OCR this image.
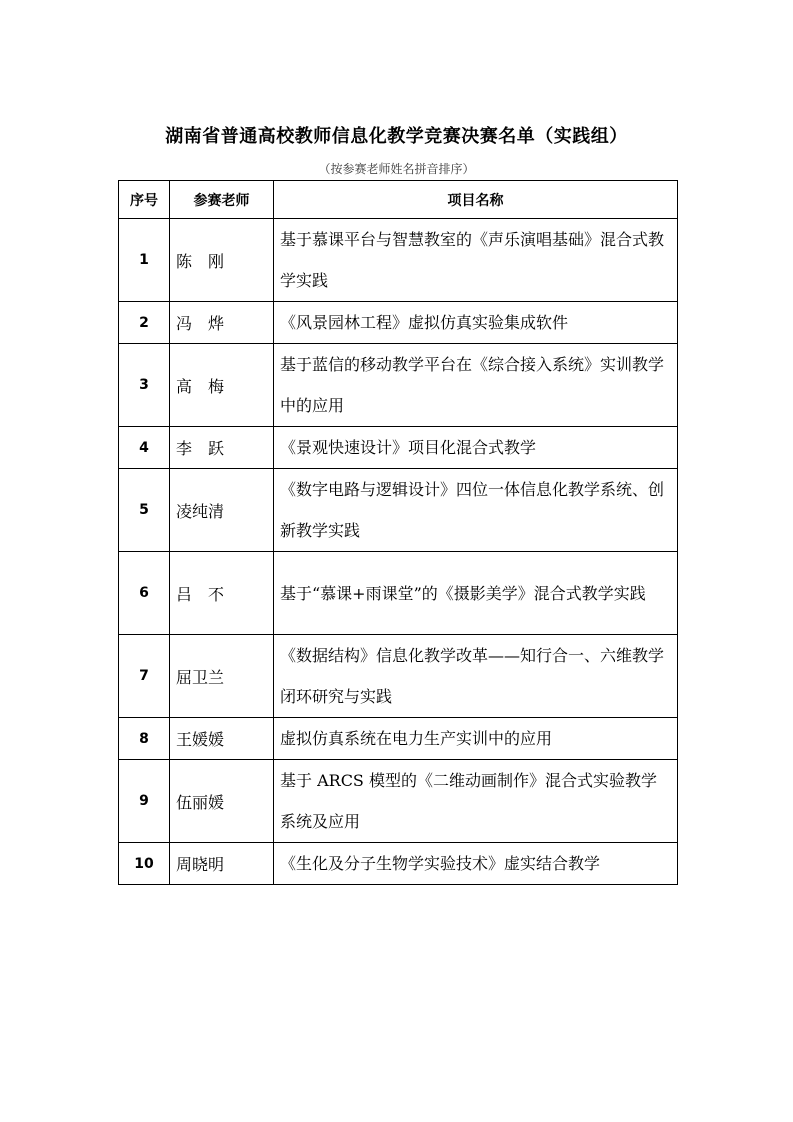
湖南省普通高校教师信息化教学竞赛决赛名单（实践组）
（按参赛老师姓名拼音排序）
序号	参赛老师	项目名称
1	陈　刚	基于慕课平台与智慧教室的《声乐演唱基础》混合式教学实践
2	冯　烨	《风景园林工程》虚拟仿真实验集成软件
3	高　梅	基于蓝信的移动教学平台在《综合接入系统》实训教学中的应用
4	李　跃	《景观快速设计》项目化混合式教学
5	凌纯清	《数字电路与逻辑设计》四位一体信息化教学系统、创新教学实践
6	吕　不	基于“慕课+雨课堂”的《摄影美学》混合式教学实践
7	屈卫兰	《数据结构》信息化教学改革——知行合一、六维教学闭环研究与实践
8	王媛媛	虚拟仿真系统在电力生产实训中的应用
9	伍丽媛	基于 ARCS 模型的《二维动画制作》混合式实验教学系统及应用
10	周晓明	《生化及分子生物学实验技术》虚实结合教学
